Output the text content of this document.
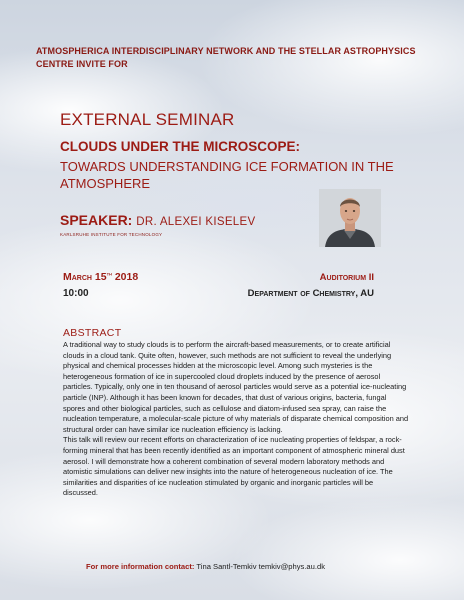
ATMOSPHERICA INTERDISCIPLINARY NETWORK AND THE STELLAR ASTROPHYSICS CENTRE INVITE FOR
EXTERNAL SEMINAR
CLOUDS UNDER THE MICROSCOPE:
TOWARDS UNDERSTANDING ICE FORMATION IN THE ATMOSPHERE
SPEAKER: DR. ALEXEI KISELEV
KARLSRUHE INSTITUTE FOR TECHNOLOGY
March 15th 2018
10:00
Auditorium II
Department of Chemistry, AU
ABSTRACT

A traditional way to study clouds is to perform the aircraft-based measurements, or to create artificial clouds in a cloud tank. Quite often, however, such methods are not sufficient to reveal the underlying physical and chemical processes hidden at the microscopic level. Among such mysteries is the heterogeneous formation of ice in supercooled cloud droplets induced by the presence of aerosol particles. Typically, only one in ten thousand of aerosol particles would serve as a potential ice-nucleating particle (INP). Although it has been known for decades, that dust of various origins, bacteria, fungal spores and other biological particles, such as cellulose and diatom-infused sea spray, can raise the nucleation temperature, a molecular-scale picture of why materials of disparate chemical composition and structural order can have similar ice nucleation efficiency is lacking.

This talk will review our recent efforts on characterization of ice nucleating properties of feldspar, a rock-forming mineral that has been recently identified as an important component of atmospheric mineral dust aerosol. I will demonstrate how a coherent combination of several modern laboratory methods and atomistic simulations can deliver new insights into the nature of heterogeneous nucleation of ice. The similarities and disparities of ice nucleation stimulated by organic and inorganic particles will be discussed.

For more information contact: Tina Santl-Temkiv temkiv@phys.au.dk
